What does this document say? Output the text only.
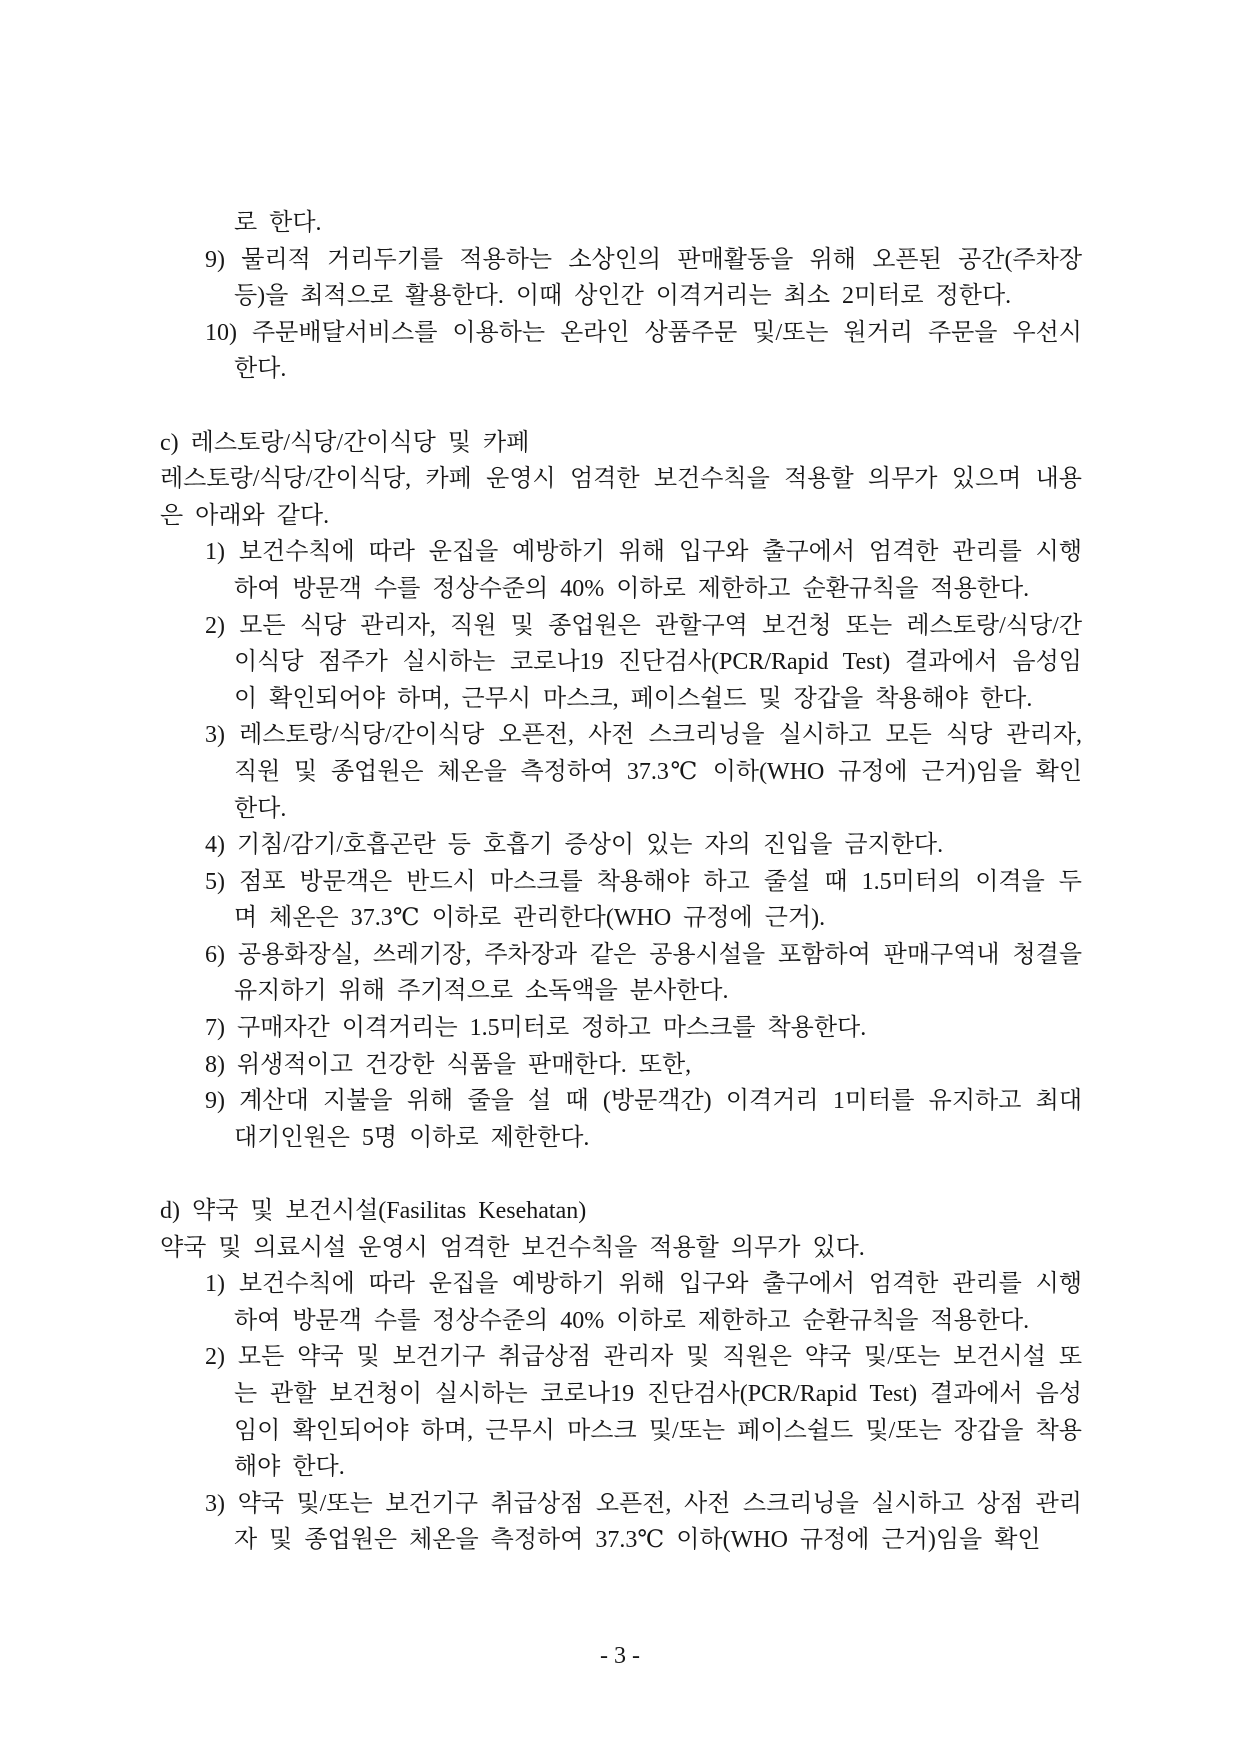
로 한다.

9) 물리적 거리두기를 적용하는 소상인의 판매활동을 위해 오픈된 공간(주차장 등)을 최적으로 활용한다. 이때 상인간 이격거리는 최소 2미터로 정한다.

10) 주문배달서비스를 이용하는 온라인 상품주문 및/또는 원거리 주문을 우선시 한다.

c) 레스토랑/식당/간이식당 및 카페

레스토랑/식당/간이식당, 카페 운영시 엄격한 보건수칙을 적용할 의무가 있으며 내용은 아래와 같다.

1) 보건수칙에 따라 운집을 예방하기 위해 입구와 출구에서 엄격한 관리를 시행하여 방문객 수를 정상수준의 40% 이하로 제한하고 순환규칙을 적용한다.

2) 모든 식당 관리자, 직원 및 종업원은 관할구역 보건청 또는 레스토랑/식당/간이식당 점주가 실시하는 코로나19 진단검사(PCR/Rapid Test) 결과에서 음성임이 확인되어야 하며, 근무시 마스크, 페이스쉴드 및 장갑을 착용해야 한다.

3) 레스토랑/식당/간이식당 오픈전, 사전 스크리닝을 실시하고 모든 식당 관리자, 직원 및 종업원은 체온을 측정하여 37.3℃ 이하(WHO 규정에 근거)임을 확인한다.

4) 기침/감기/호흡곤란 등 호흡기 증상이 있는 자의 진입을 금지한다.

5) 점포 방문객은 반드시 마스크를 착용해야 하고 줄설 때 1.5미터의 이격을 두며 체온은 37.3℃ 이하로 관리한다(WHO 규정에 근거).

6) 공용화장실, 쓰레기장, 주차장과 같은 공용시설을 포함하여 판매구역내 청결을 유지하기 위해 주기적으로 소독액을 분사한다.

7) 구매자간 이격거리는 1.5미터로 정하고 마스크를 착용한다.

8) 위생적이고 건강한 식품을 판매한다. 또한,

9) 계산대 지불을 위해 줄을 설 때 (방문객간) 이격거리 1미터를 유지하고 최대 대기인원은 5명 이하로 제한한다.

d) 약국 및 보건시설(Fasilitas Kesehatan)

약국 및 의료시설 운영시 엄격한 보건수칙을 적용할 의무가 있다.

1) 보건수칙에 따라 운집을 예방하기 위해 입구와 출구에서 엄격한 관리를 시행하여 방문객 수를 정상수준의 40% 이하로 제한하고 순환규칙을 적용한다.

2) 모든 약국 및 보건기구 취급상점 관리자 및 직원은 약국 및/또는 보건시설 또는 관할 보건청이 실시하는 코로나19 진단검사(PCR/Rapid Test) 결과에서 음성임이 확인되어야 하며, 근무시 마스크 및/또는 페이스쉴드 및/또는 장갑을 착용해야 한다.

3) 약국 및/또는 보건기구 취급상점 오픈전, 사전 스크리닝을 실시하고 상점 관리자 및 종업원은 체온을 측정하여 37.3℃ 이하(WHO 규정에 근거)임을 확인

- 3 -
